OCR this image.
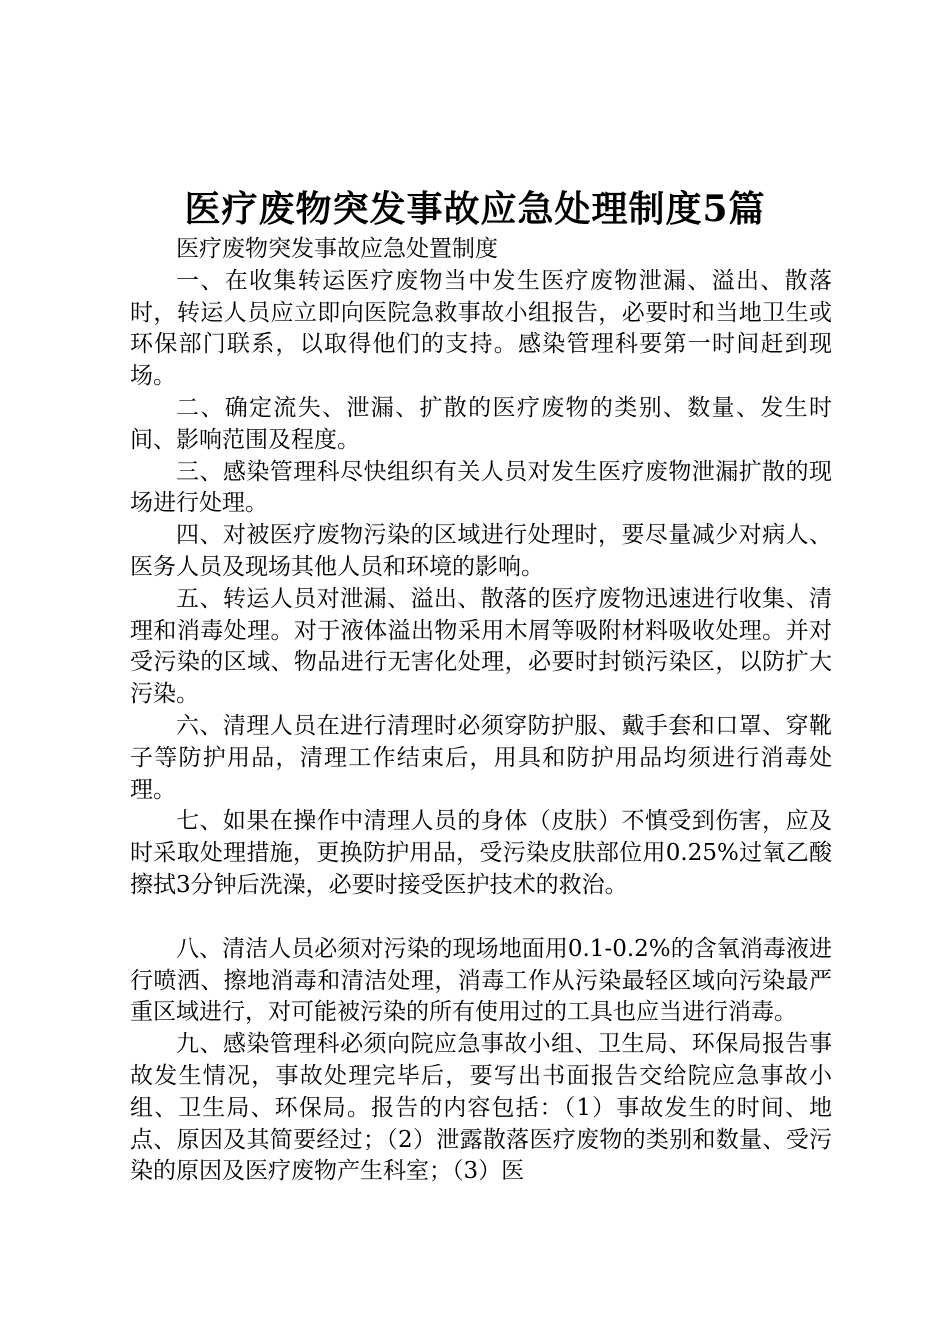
医疗废物突发事故应急处理制度5篇

医疗废物突发事故应急处置制度

一、在收集转运医疗废物当中发生医疗废物泄漏、溢出、散落时，转运人员应立即向医院急救事故小组报告，必要时和当地卫生或环保部门联系，以取得他们的支持。感染管理科要第一时间赶到现场。

二、确定流失、泄漏、扩散的医疗废物的类别、数量、发生时间、影响范围及程度。

三、感染管理科尽快组织有关人员对发生医疗废物泄漏扩散的现场进行处理。

四、对被医疗废物污染的区域进行处理时，要尽量减少对病人、医务人员及现场其他人员和环境的影响。

五、转运人员对泄漏、溢出、散落的医疗废物迅速进行收集、清理和消毒处理。对于液体溢出物采用木屑等吸附材料吸收处理。并对受污染的区域、物品进行无害化处理，必要时封锁污染区，以防扩大污染。

六、清理人员在进行清理时必须穿防护服、戴手套和口罩、穿靴子等防护用品，清理工作结束后，用具和防护用品均须进行消毒处理。

七、如果在操作中清理人员的身体（皮肤）不慎受到伤害，应及时采取处理措施，更换防护用品，受污染皮肤部位用0.25%过氧乙酸擦拭3分钟后洗澡，必要时接受医护技术的救治。

八、清洁人员必须对污染的现场地面用0.1-0.2%的含氧消毒液进行喷洒、擦地消毒和清洁处理，消毒工作从污染最轻区域向污染最严重区域进行，对可能被污染的所有使用过的工具也应当进行消毒。

九、感染管理科必须向院应急事故小组、卫生局、环保局报告事故发生情况，事故处理完毕后，要写出书面报告交给院应急事故小组、卫生局、环保局。报告的内容包括：（1）事故发生的时间、地点、原因及其简要经过；（2）泄露散落医疗废物的类别和数量、受污染的原因及医疗废物产生科室；（3）医
